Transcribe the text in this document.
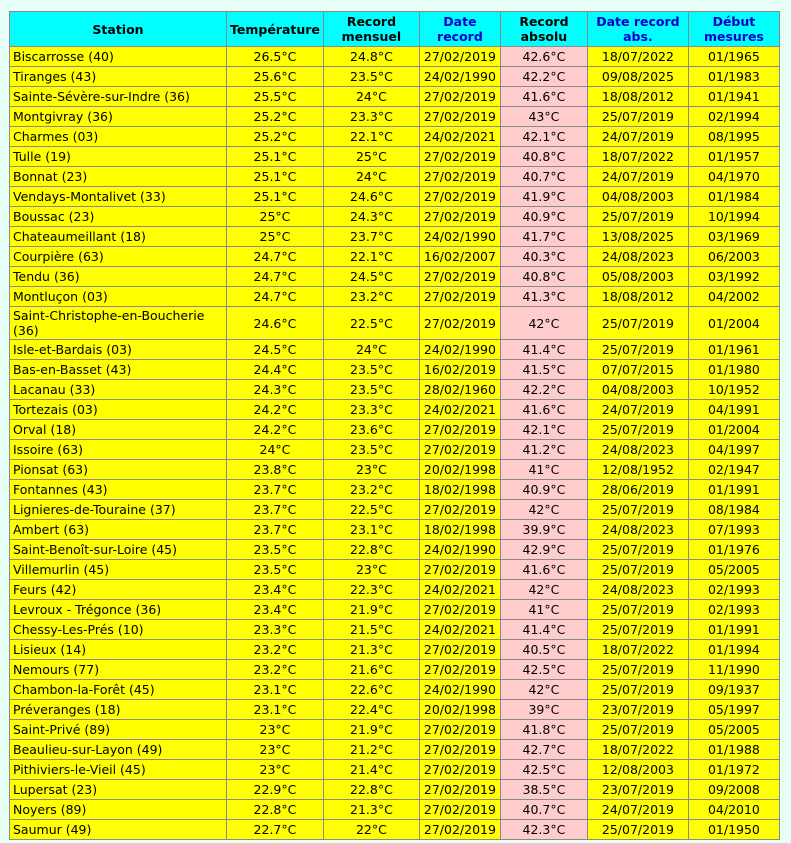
Station	Température	Record mensuel	Date record	Record absolu	Date record abs.	Début mesures
Biscarrosse (40)	26.5°C	24.8°C	27/02/2019	42.6°C	18/07/2022	01/1965
Tiranges (43)	25.6°C	23.5°C	24/02/1990	42.2°C	09/08/2025	01/1983
Sainte-Sévère-sur-Indre (36)	25.5°C	24°C	27/02/2019	41.6°C	18/08/2012	01/1941
Montgivray (36)	25.2°C	23.3°C	27/02/2019	43°C	25/07/2019	02/1994
Charmes (03)	25.2°C	22.1°C	24/02/2021	42.1°C	24/07/2019	08/1995
Tulle (19)	25.1°C	25°C	27/02/2019	40.8°C	18/07/2022	01/1957
Bonnat (23)	25.1°C	24°C	27/02/2019	40.7°C	24/07/2019	04/1970
Vendays-Montalivet (33)	25.1°C	24.6°C	27/02/2019	41.9°C	04/08/2003	01/1984
Boussac (23)	25°C	24.3°C	27/02/2019	40.9°C	25/07/2019	10/1994
Chateaumeillant (18)	25°C	23.7°C	24/02/1990	41.7°C	13/08/2025	03/1969
Courpière (63)	24.7°C	22.1°C	16/02/2007	40.3°C	24/08/2023	06/2003
Tendu (36)	24.7°C	24.5°C	27/02/2019	40.8°C	05/08/2003	03/1992
Montluçon (03)	24.7°C	23.2°C	27/02/2019	41.3°C	18/08/2012	04/2002
Saint-Christophe-en-Boucherie (36)	24.6°C	22.5°C	27/02/2019	42°C	25/07/2019	01/2004
Isle-et-Bardais (03)	24.5°C	24°C	24/02/1990	41.4°C	25/07/2019	01/1961
Bas-en-Basset (43)	24.4°C	23.5°C	16/02/2019	41.5°C	07/07/2015	01/1980
Lacanau (33)	24.3°C	23.5°C	28/02/1960	42.2°C	04/08/2003	10/1952
Tortezais (03)	24.2°C	23.3°C	24/02/2021	41.6°C	24/07/2019	04/1991
Orval (18)	24.2°C	23.6°C	27/02/2019	42.1°C	25/07/2019	01/2004
Issoire (63)	24°C	23.5°C	27/02/2019	41.2°C	24/08/2023	04/1997
Pionsat (63)	23.8°C	23°C	20/02/1998	41°C	12/08/1952	02/1947
Fontannes (43)	23.7°C	23.2°C	18/02/1998	40.9°C	28/06/2019	01/1991
Lignieres-de-Touraine (37)	23.7°C	22.5°C	27/02/2019	42°C	25/07/2019	08/1984
Ambert (63)	23.7°C	23.1°C	18/02/1998	39.9°C	24/08/2023	07/1993
Saint-Benoît-sur-Loire (45)	23.5°C	22.8°C	24/02/1990	42.9°C	25/07/2019	01/1976
Villemurlin (45)	23.5°C	23°C	27/02/2019	41.6°C	25/07/2019	05/2005
Feurs (42)	23.4°C	22.3°C	24/02/2021	42°C	24/08/2023	02/1993
Levroux - Trégonce (36)	23.4°C	21.9°C	27/02/2019	41°C	25/07/2019	02/1993
Chessy-Les-Prés (10)	23.3°C	21.5°C	24/02/2021	41.4°C	25/07/2019	01/1991
Lisieux (14)	23.2°C	21.3°C	27/02/2019	40.5°C	18/07/2022	01/1994
Nemours (77)	23.2°C	21.6°C	27/02/2019	42.5°C	25/07/2019	11/1990
Chambon-la-Forêt (45)	23.1°C	22.6°C	24/02/1990	42°C	25/07/2019	09/1937
Préveranges (18)	23.1°C	22.4°C	20/02/1998	39°C	23/07/2019	05/1997
Saint-Privé (89)	23°C	21.9°C	27/02/2019	41.8°C	25/07/2019	05/2005
Beaulieu-sur-Layon (49)	23°C	21.2°C	27/02/2019	42.7°C	18/07/2022	01/1988
Pithiviers-le-Vieil (45)	23°C	21.4°C	27/02/2019	42.5°C	12/08/2003	01/1972
Lupersat (23)	22.9°C	22.8°C	27/02/2019	38.5°C	23/07/2019	09/2008
Noyers (89)	22.8°C	21.3°C	27/02/2019	40.7°C	24/07/2019	04/2010
Saumur (49)	22.7°C	22°C	27/02/2019	42.3°C	25/07/2019	01/1950
